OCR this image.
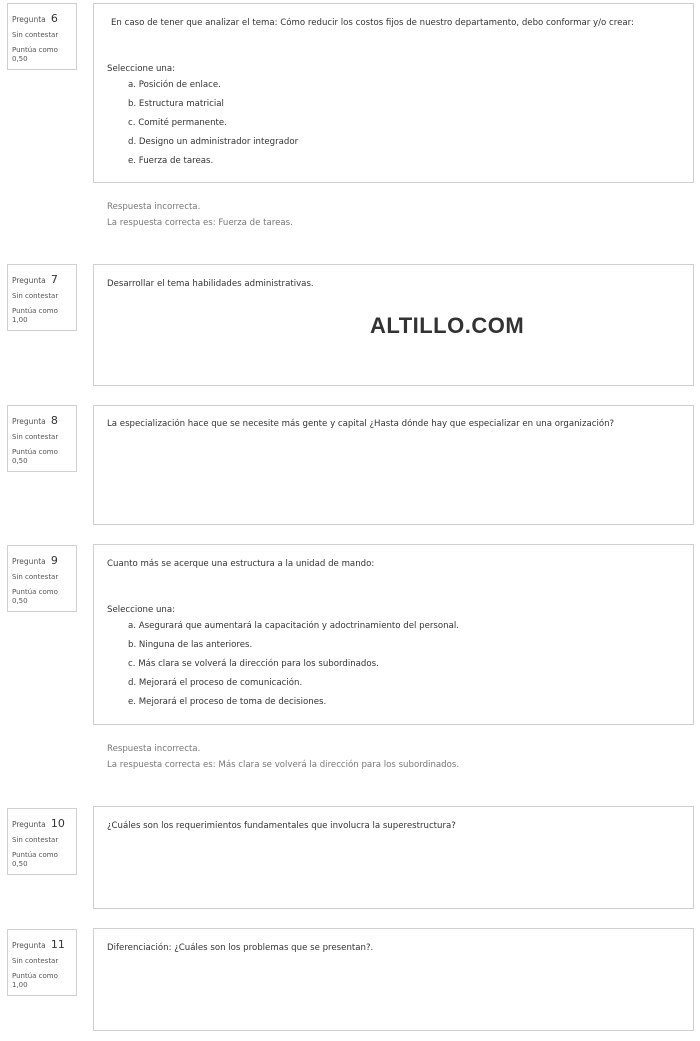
Pregunta 6
Sin contestar
Puntúa como
0,50
En caso de tener que analizar el tema: Cómo reducir los costos fijos de nuestro departamento, debo conformar y/o crear:
Seleccione una:
a. Posición de enlace.
b. Estructura matricial
c. Comité permanente.
d. Designo un administrador integrador
e. Fuerza de tareas.
Respuesta incorrecta.
La respuesta correcta es: Fuerza de tareas.
Pregunta 7
Sin contestar
Puntúa como
1,00
Desarrollar el tema habilidades administrativas.
ALTILLO.COM
Pregunta 8
Sin contestar
Puntúa como
0,50
La especialización hace que se necesite más gente y capital ¿Hasta dónde hay que especializar en una organización?
Pregunta 9
Sin contestar
Puntúa como
0,50
Cuanto más se acerque una estructura a la unidad de mando:
Seleccione una:
a. Asegurará que aumentará la capacitación y adoctrinamiento del personal.
b. Ninguna de las anteriores.
c. Más clara se volverá la dirección para los subordinados.
d. Mejorará el proceso de comunicación.
e. Mejorará el proceso de toma de decisiones.
Respuesta incorrecta.
La respuesta correcta es: Más clara se volverá la dirección para los subordinados.
Pregunta 10
Sin contestar
Puntúa como
0,50
¿Cuáles son los requerimientos fundamentales que involucra la superestructura?
Pregunta 11
Sin contestar
Puntúa como
1,00
Diferenciación: ¿Cuáles son los problemas que se presentan?.
